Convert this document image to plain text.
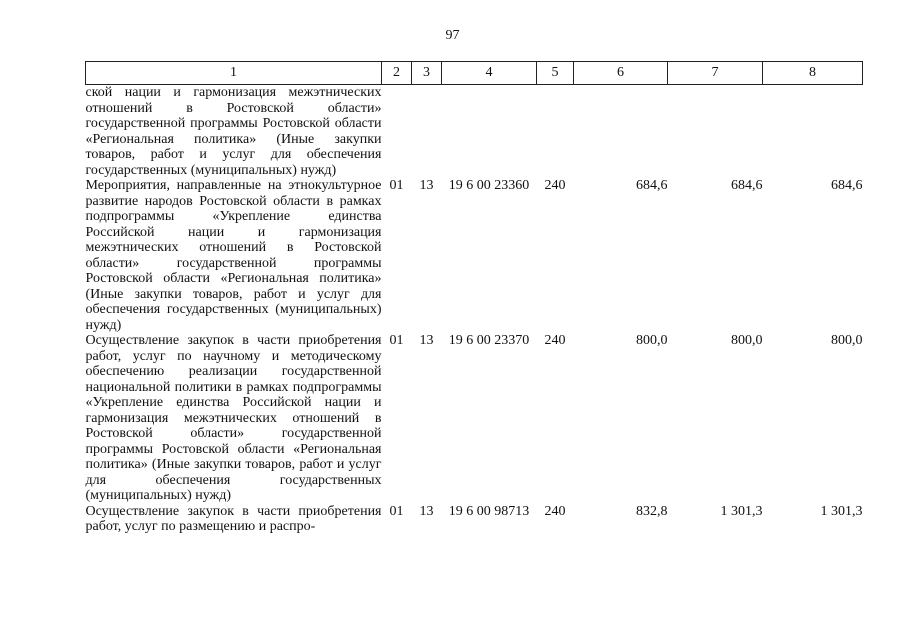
97
1	2	3	4	5	6	7	8
ской нации и гармонизация межэтнических отношений в Ростовской области» государственной программы Ростовской области «Региональная политика» (Иные закупки товаров, работ и услуг для обеспечения государственных (муниципальных) нужд)							
Мероприятия, направленные на этнокультурное развитие народов Ростовской области в рамках подпрограммы «Укрепление единства Российской нации и гармонизация межэтнических отношений в Ростовской области» государственной программы Ростовской области «Региональная политика» (Иные закупки товаров, работ и услуг для обеспечения государственных (муниципальных) нужд)	01	13	19 6 00 23360	240	684,6	684,6	684,6
Осуществление закупок в части приобретения работ, услуг по научному и методическому обеспечению реализации государственной национальной политики в рамках подпрограммы «Укрепление единства Российской нации и гармонизация межэтнических отношений в Ростовской области» государственной программы Ростовской области «Региональная политика» (Иные закупки товаров, работ и услуг для обеспечения государственных (муниципальных) нужд)	01	13	19 6 00 23370	240	800,0	800,0	800,0
Осуществление закупок в части приобретения работ, услуг по размещению и распро-	01	13	19 6 00 98713	240	832,8	1 301,3	1 301,3
